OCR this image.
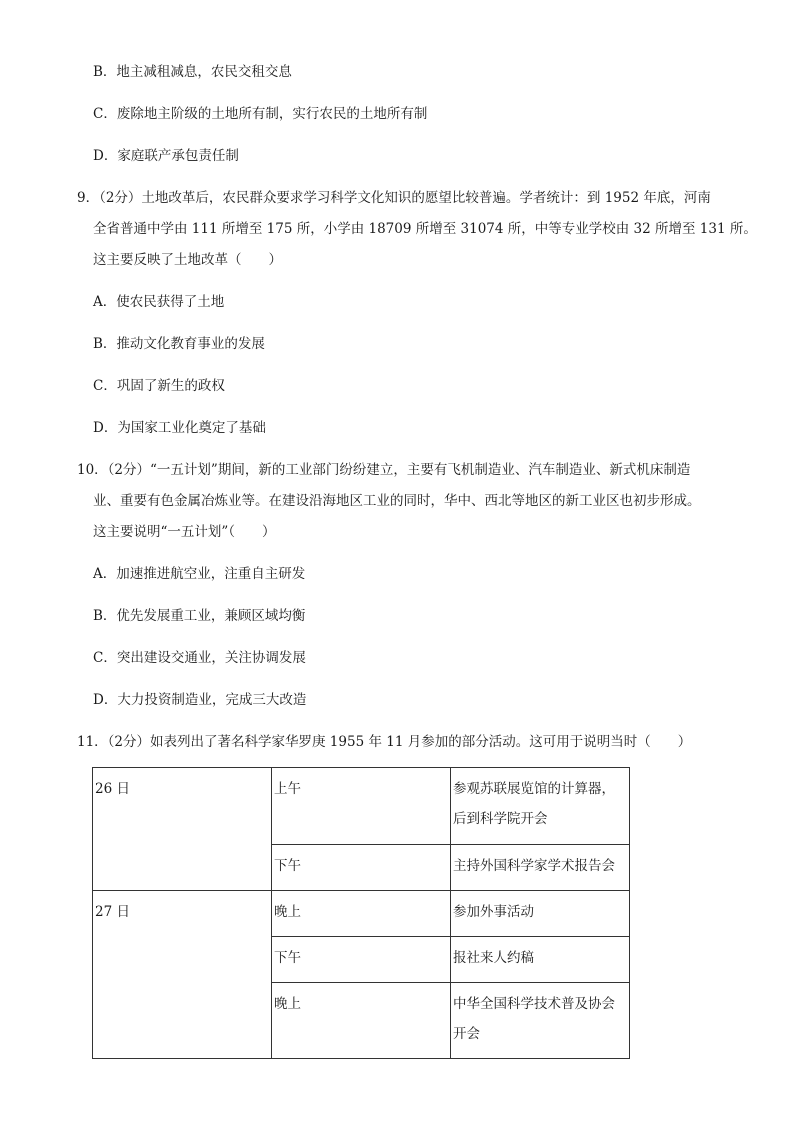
B．地主减租减息，农民交租交息
C．废除地主阶级的土地所有制，实行农民的土地所有制
D．家庭联产承包责任制
9．（2分）土地改革后，农民群众要求学习科学文化知识的愿望比较普遍。学者统计：到 1952 年底，河南
全省普通中学由 111 所增至 175 所，小学由 18709 所增至 31074 所，中等专业学校由 32 所增至 131 所。
这主要反映了土地改革（　　）
A．使农民获得了土地
B．推动文化教育事业的发展
C．巩固了新生的政权
D．为国家工业化奠定了基础
10．（2分）“一五计划”期间，新的工业部门纷纷建立，主要有飞机制造业、汽车制造业、新式机床制造
业、重要有色金属冶炼业等。在建设沿海地区工业的同时，华中、西北等地区的新工业区也初步形成。
这主要说明“一五计划”（　　）
A．加速推进航空业，注重自主研发
B．优先发展重工业，兼顾区域均衡
C．突出建设交通业，关注协调发展
D．大力投资制造业，完成三大改造
11．（2分）如表列出了著名科学家华罗庚 1955 年 11 月参加的部分活动。这可用于说明当时（　　）
26 日	上午	参观苏联展览馆的计算器，
后到科学院开会

	下午	主持外国科学家学术报告会
27 日	晚上	参加外事活动
	下午	报社来人约稿
	晚上	中华全国科学技术普及协会
开会
